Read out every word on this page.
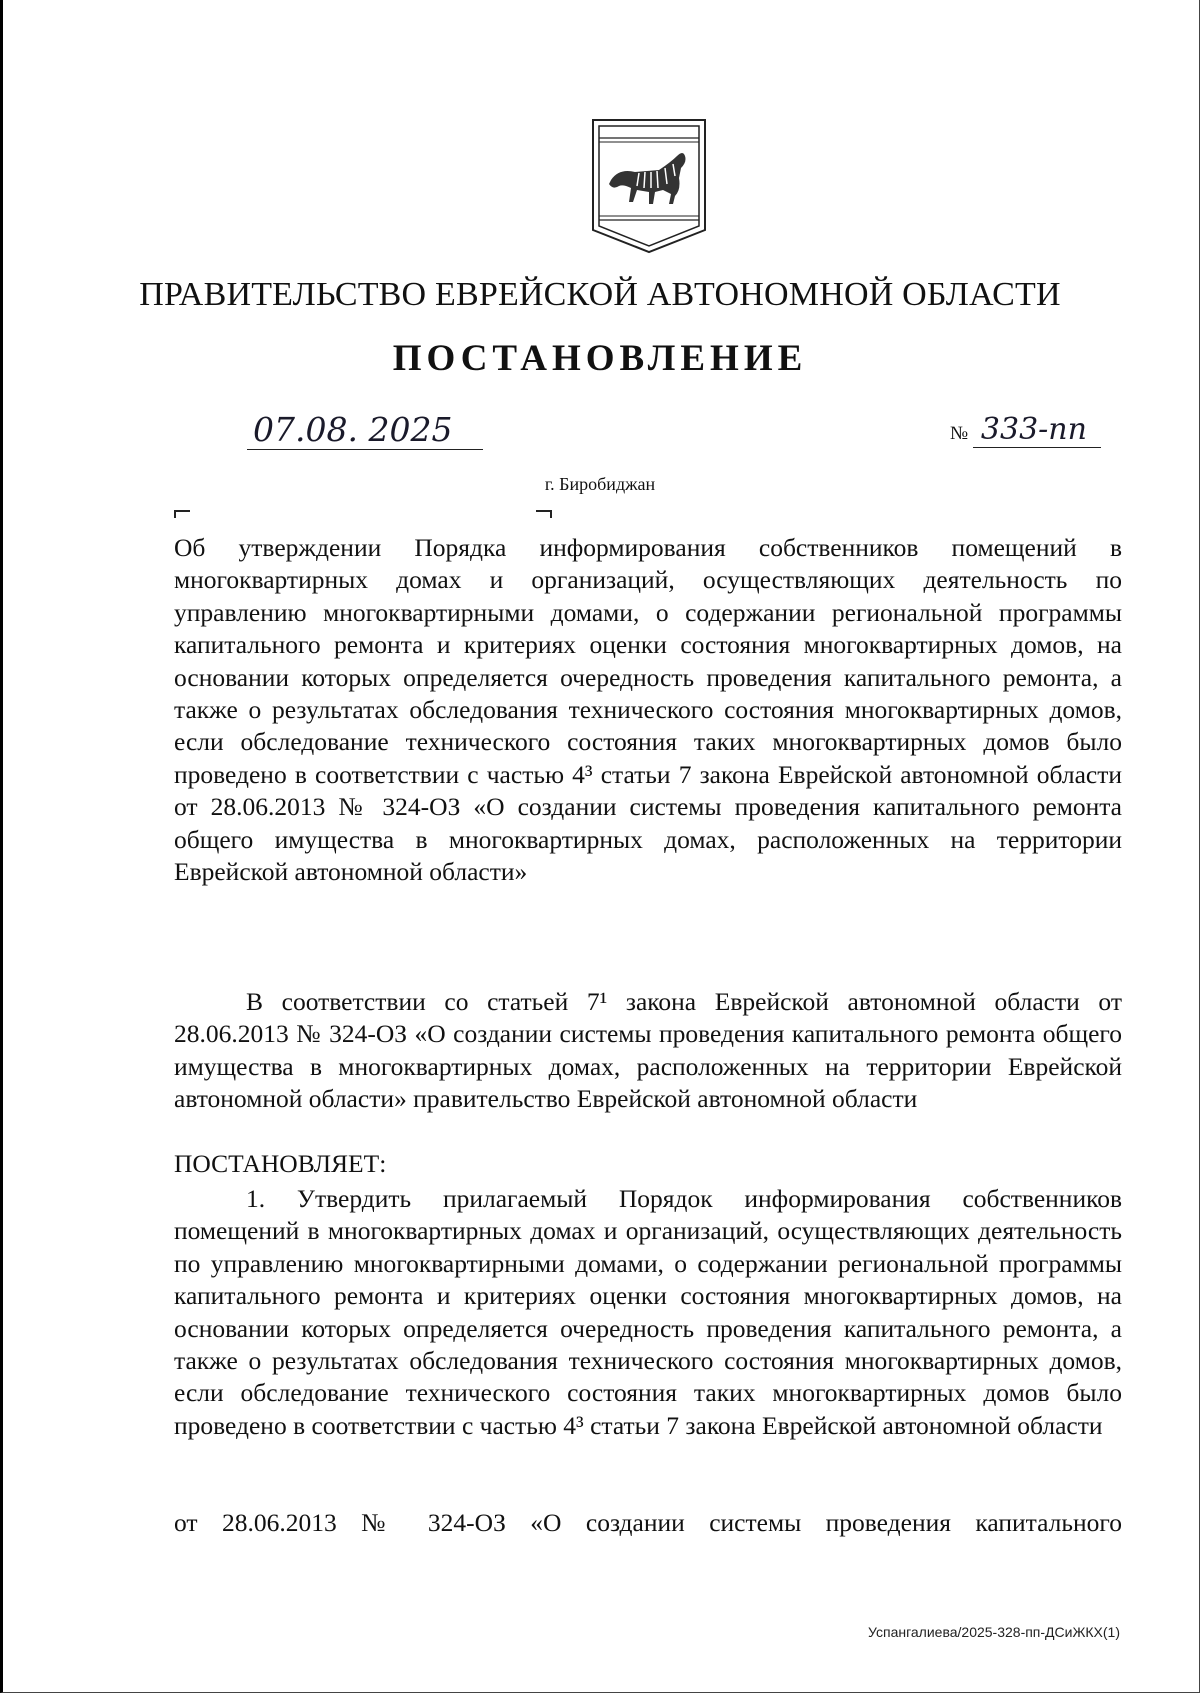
ПРАВИТЕЛЬСТВО ЕВРЕЙСКОЙ АВТОНОМНОЙ ОБЛАСТИ
ПОСТАНОВЛЕНИЕ
07.08. 2025	№ 333-пп
г. Биробиджан
Об утверждении Порядка информирования собственников помещений в многоквартирных домах и организаций, осуществляющих деятельность по управлению многоквартирными домами, о содержании региональной программы капитального ремонта и критериях оценки состояния многоквартирных домов, на основании которых определяется очередность проведения капитального ремонта, а также о результатах обследования технического состояния многоквартирных домов, если обследование технического состояния таких многоквартирных домов было проведено в соответствии с частью 4³ статьи 7 закона Еврейской автономной области от 28.06.2013 № 324-ОЗ «О создании системы проведения капитального ремонта общего имущества в многоквартирных домах, расположенных на территории Еврейской автономной области»
В соответствии со статьей 7¹ закона Еврейской автономной области от 28.06.2013 № 324-ОЗ «О создании системы проведения капитального ремонта общего имущества в многоквартирных домах, расположенных на территории Еврейской автономной области» правительство Еврейской автономной области
ПОСТАНОВЛЯЕТ:
1. Утвердить прилагаемый Порядок информирования собственников помещений в многоквартирных домах и организаций, осуществляющих деятельность по управлению многоквартирными домами, о содержании региональной программы капитального ремонта и критериях оценки состояния многоквартирных домов, на основании которых определяется очередность проведения капитального ремонта, а также о результатах обследования технического состояния многоквартирных домов, если обследование технического состояния таких многоквартирных домов было проведено в соответствии с частью 4³ статьи 7 закона Еврейской автономной области
от 28.06.2013 № 324-ОЗ «О создании системы проведения капитального
Успангалиева/2025-328-пп-ДСиЖКХ(1)
